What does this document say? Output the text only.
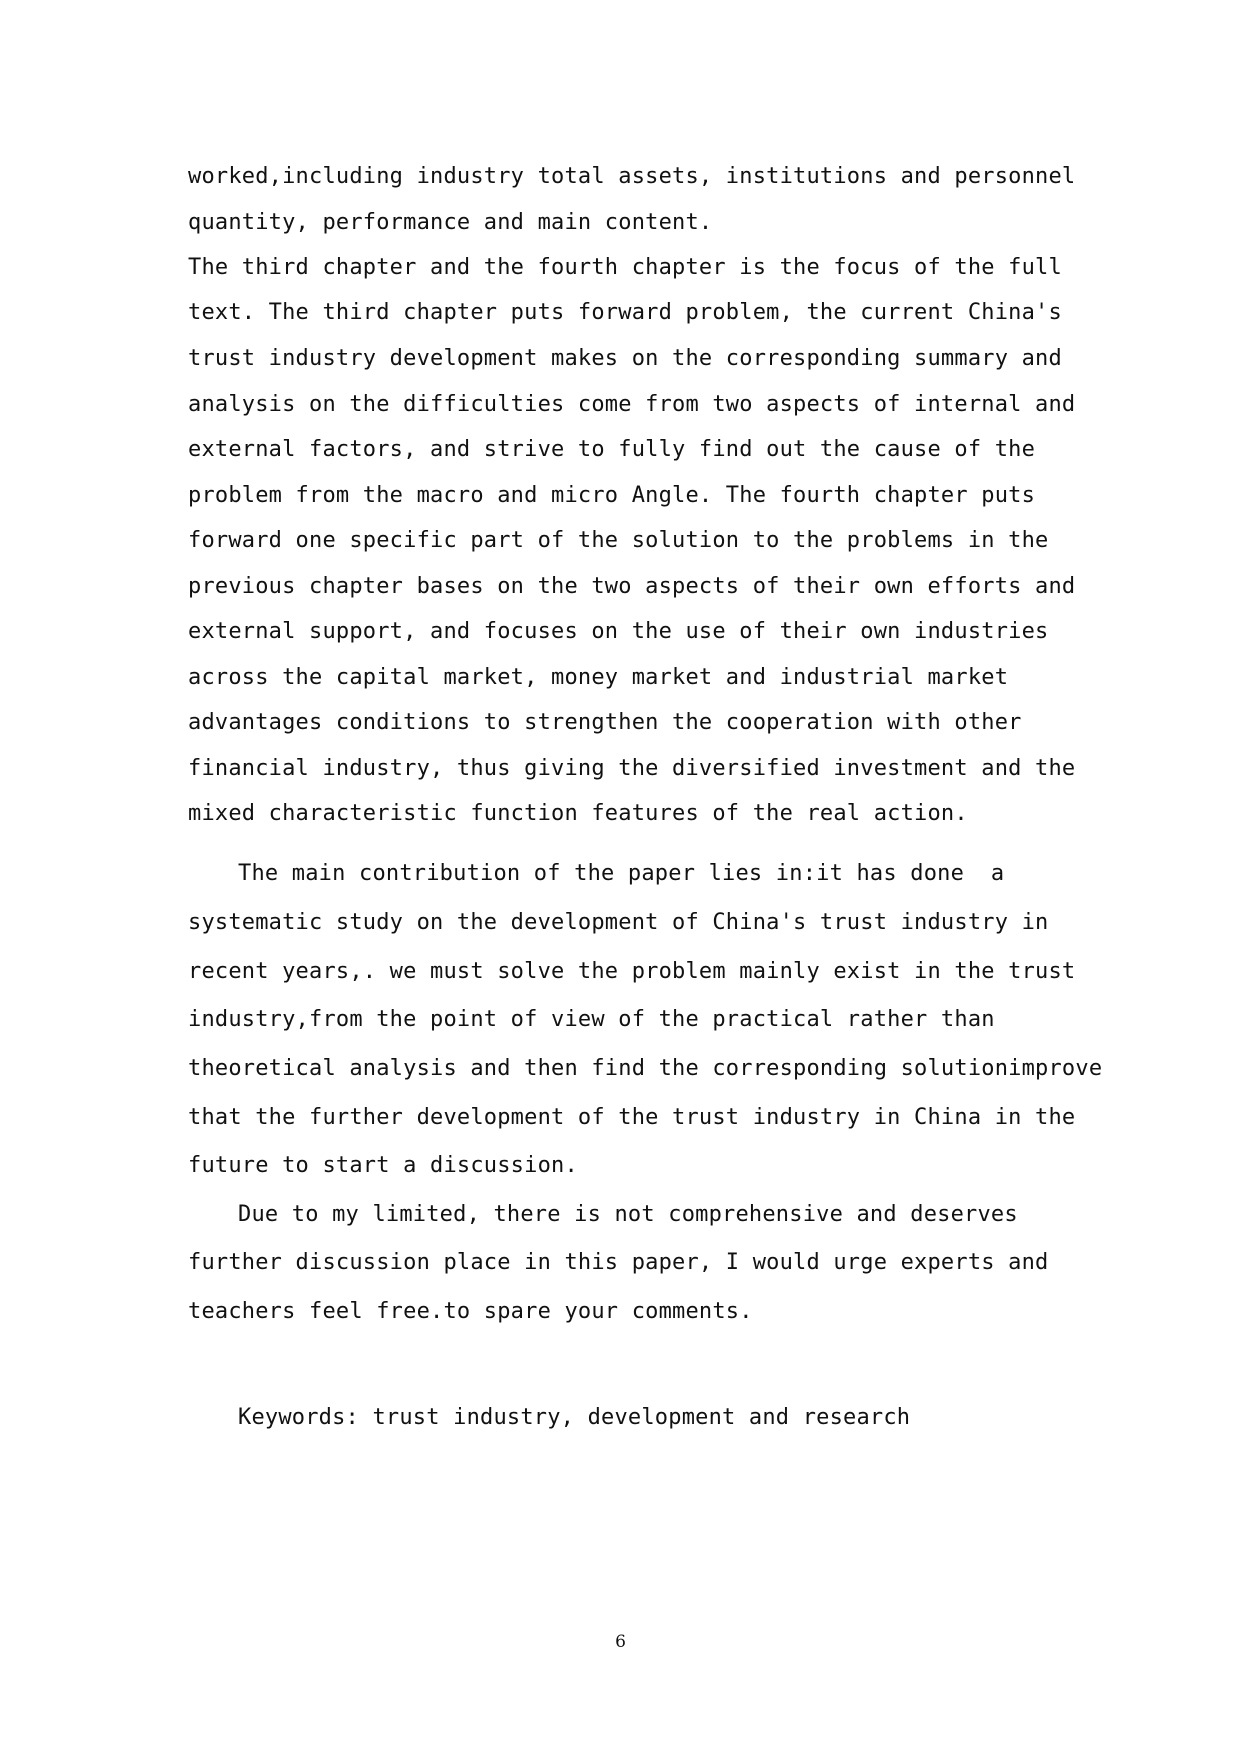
worked,including industry total assets, institutions and personnel
quantity, performance and main content.
The third chapter and the fourth chapter is the focus of the full
text. The third chapter puts forward problem, the current China's
trust industry development makes on the corresponding summary and
analysis on the difficulties come from two aspects of internal and
external factors, and strive to fully find out the cause of the
problem from the macro and micro Angle. The fourth chapter puts
forward one specific part of the solution to the problems in the
previous chapter bases on the two aspects of their own efforts and
external support, and focuses on the use of their own industries
across the capital market, money market and industrial market
advantages conditions to strengthen the cooperation with other
financial industry, thus giving the diversified investment and the
mixed characteristic function features of the real action.
The main contribution of the paper lies in:it has done  a
systematic study on the development of China's trust industry in
recent years,. we must solve the problem mainly exist in the trust
industry,from the point of view of the practical rather than
theoretical analysis and then find the corresponding solutionimprove
that the further development of the trust industry in China in the
future to start a discussion.
Due to my limited, there is not comprehensive and deserves
further discussion place in this paper, I would urge experts and
teachers feel free.to spare your comments.
Keywords: trust industry, development and research
6
